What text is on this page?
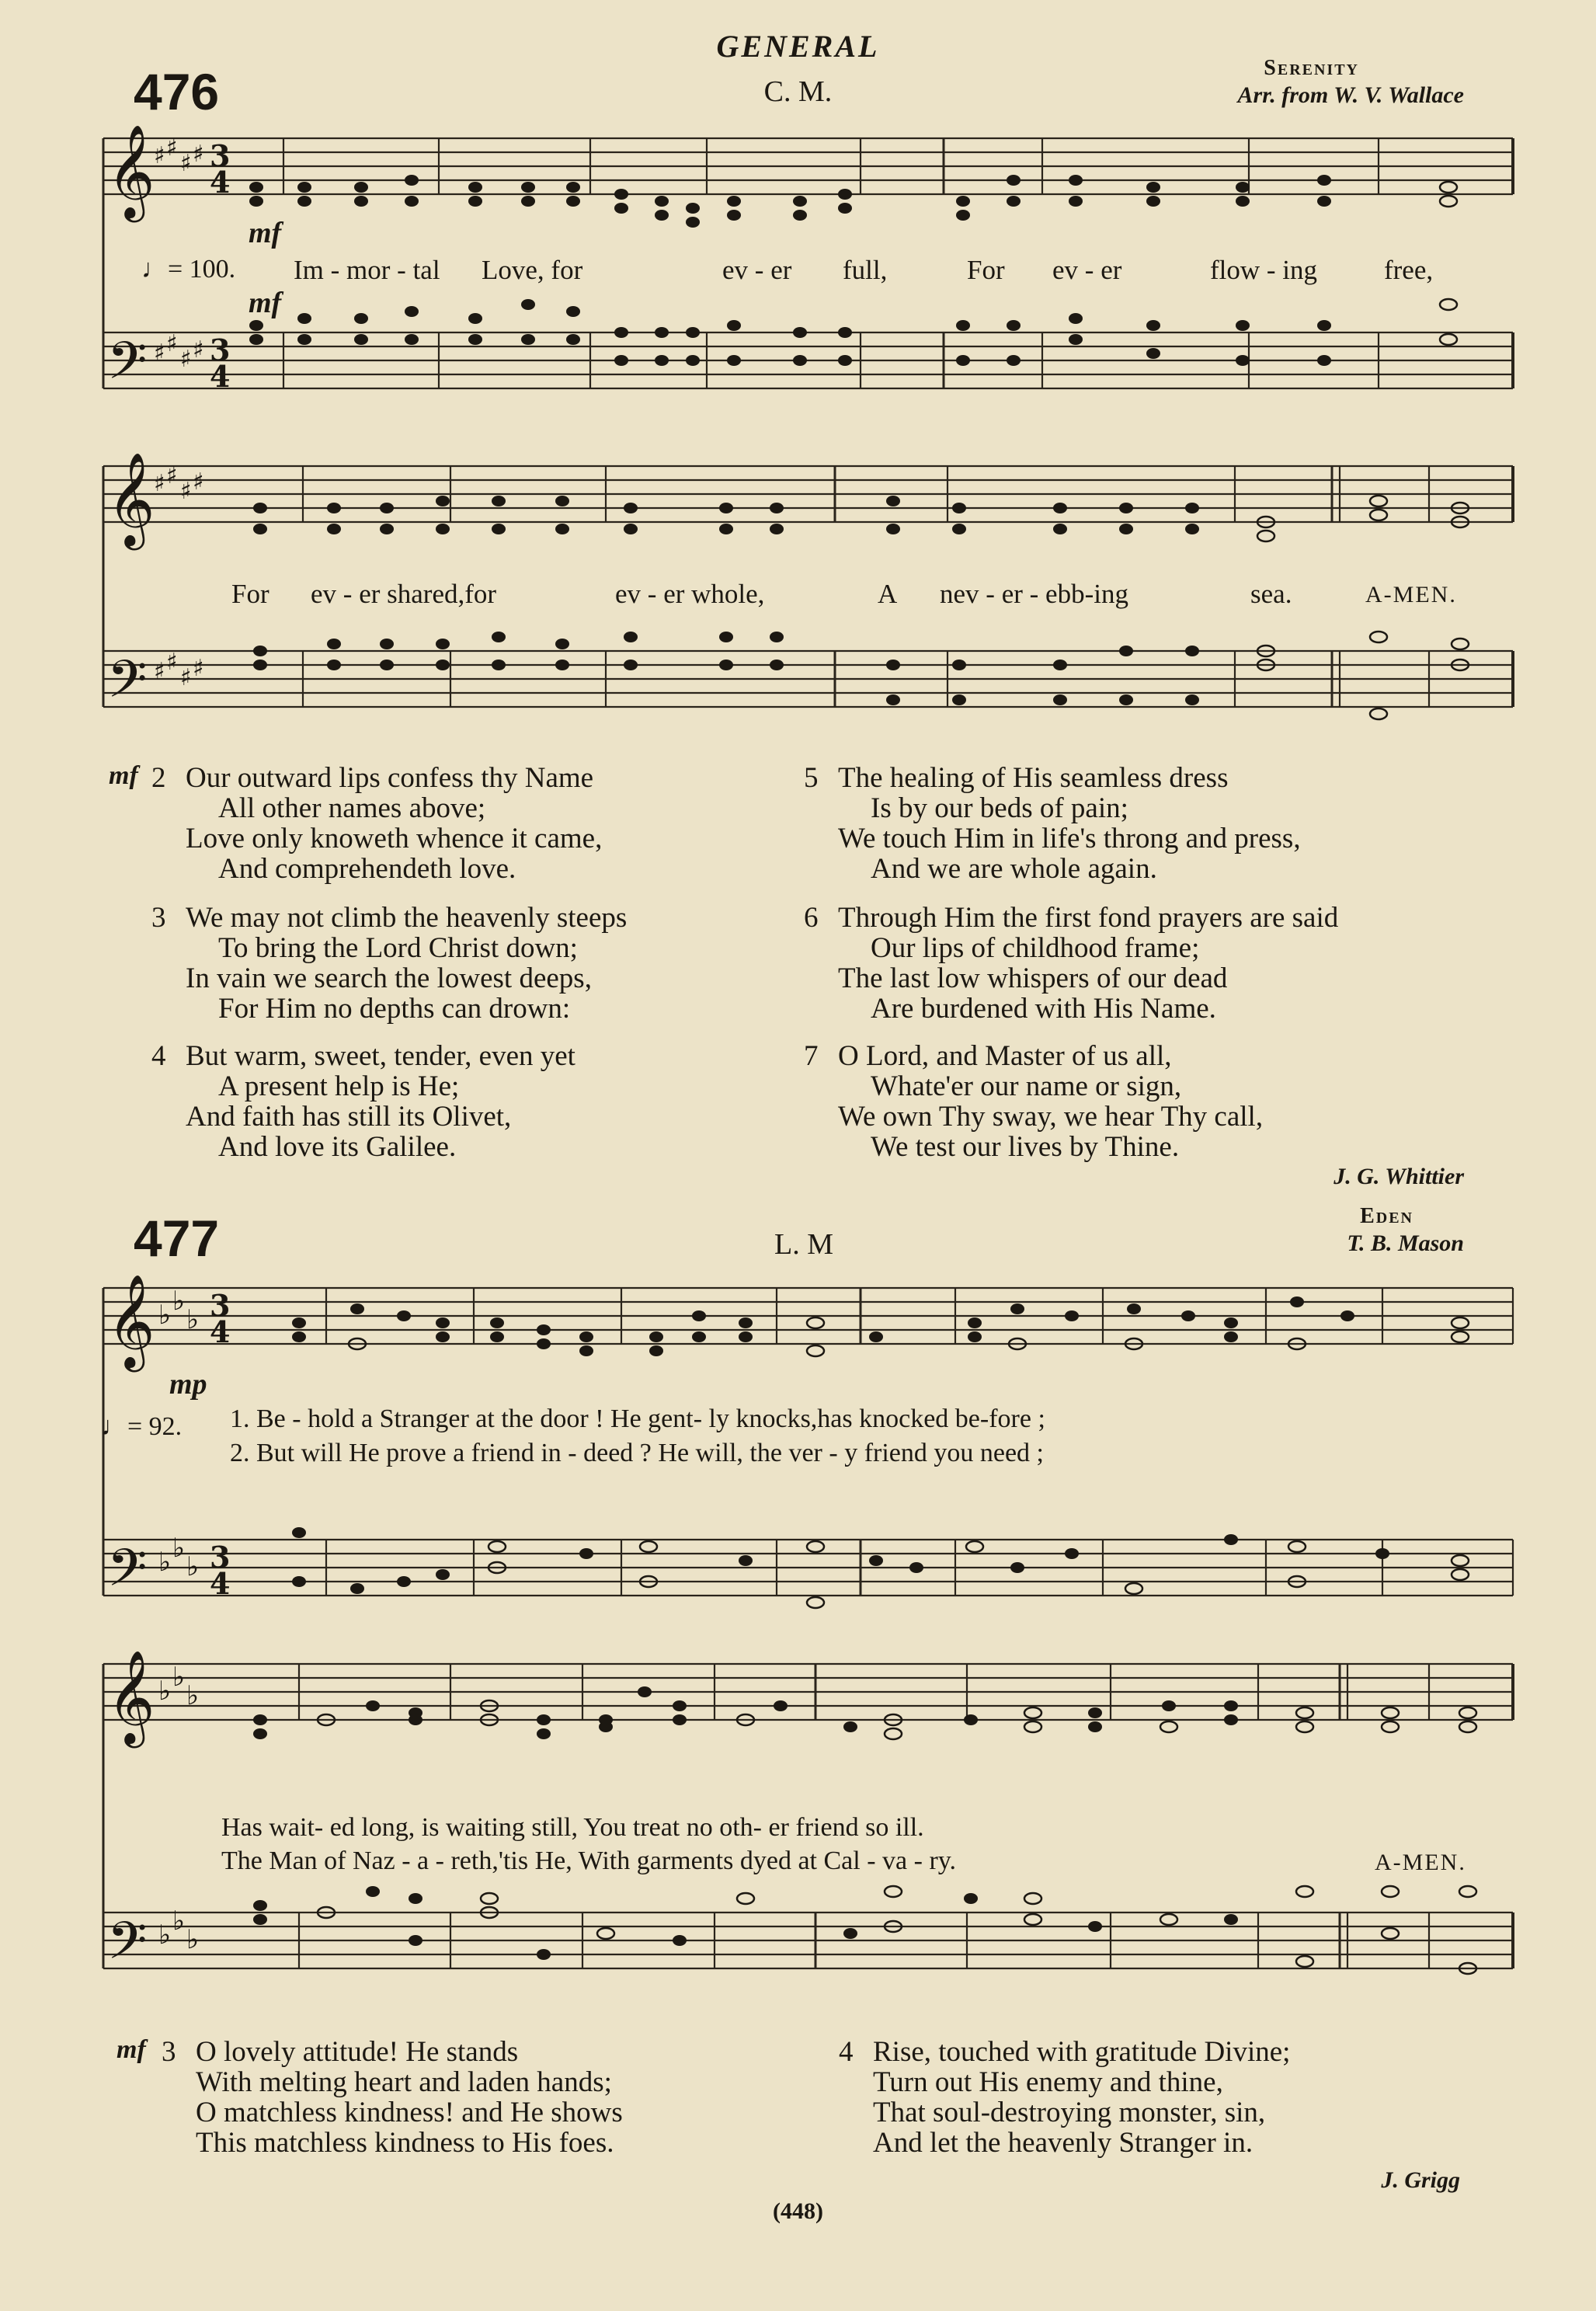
GENERAL
476	C. M.
Serenity
Arr. from W. V. Wallace
𝄞
𝄢
♯ ♯
♯ ♯
♯ ♯
♯ ♯
3
4
3
4
mf
♩= 100.
mf
Im - mor - tal Love, for	ev - er full,	For ev - er	flow - ing free,
𝄞
𝄢
♯ ♯
♯ ♯
♯ ♯
♯ ♯
For ev - er shared,for	ev - er whole,	A nev - er - ebb-ing	sea.	A-MEN.
mf 2 Our outward lips confess thy Name
All other names above;
Love only knoweth whence it came,
And comprehendeth love.
3 We may not climb the heavenly steeps
To bring the Lord Christ down;
In vain we search the lowest deeps,
For Him no depths can drown:
4 But warm, sweet, tender, even yet
A present help is He;
And faith has still its Olivet,
And love its Galilee.
5 The healing of His seamless dress
Is by our beds of pain;
We touch Him in life's throng and press,
And we are whole again.
6 Through Him the first fond prayers are said
Our lips of childhood frame;
The last low whispers of our dead
Are burdened with His Name.
7 O Lord, and Master of us all,
Whate'er our name or sign,
We own Thy sway, we hear Thy call,
We test our lives by Thine.
J. G. Whittier
477	L. M
Eden
T. B. Mason
𝄞
𝄢
♭ ♭
♭
♭ ♭
♭
3
4
3
4
mp
♩= 92. 1. Be - hold a Stranger at the door ! He gent- ly knocks,has knocked be-fore ;
2. But will He prove a friend in - deed ? He will, the ver - y friend you need ;
𝄞
𝄢
♭ ♭
♭
♭ ♭
♭
Has wait- ed long, is waiting still, You treat no oth- er friend so ill.
The Man of Naz - a - reth,'tis He, With garments dyed at Cal - va - ry.	A-MEN.
mf 3 O lovely attitude! He stands
With melting heart and laden hands;
O matchless kindness! and He shows
This matchless kindness to His foes.
4 Rise, touched with gratitude Divine;
Turn out His enemy and thine,
That soul-destroying monster, sin,
And let the heavenly Stranger in.
J. Grigg
(448)
